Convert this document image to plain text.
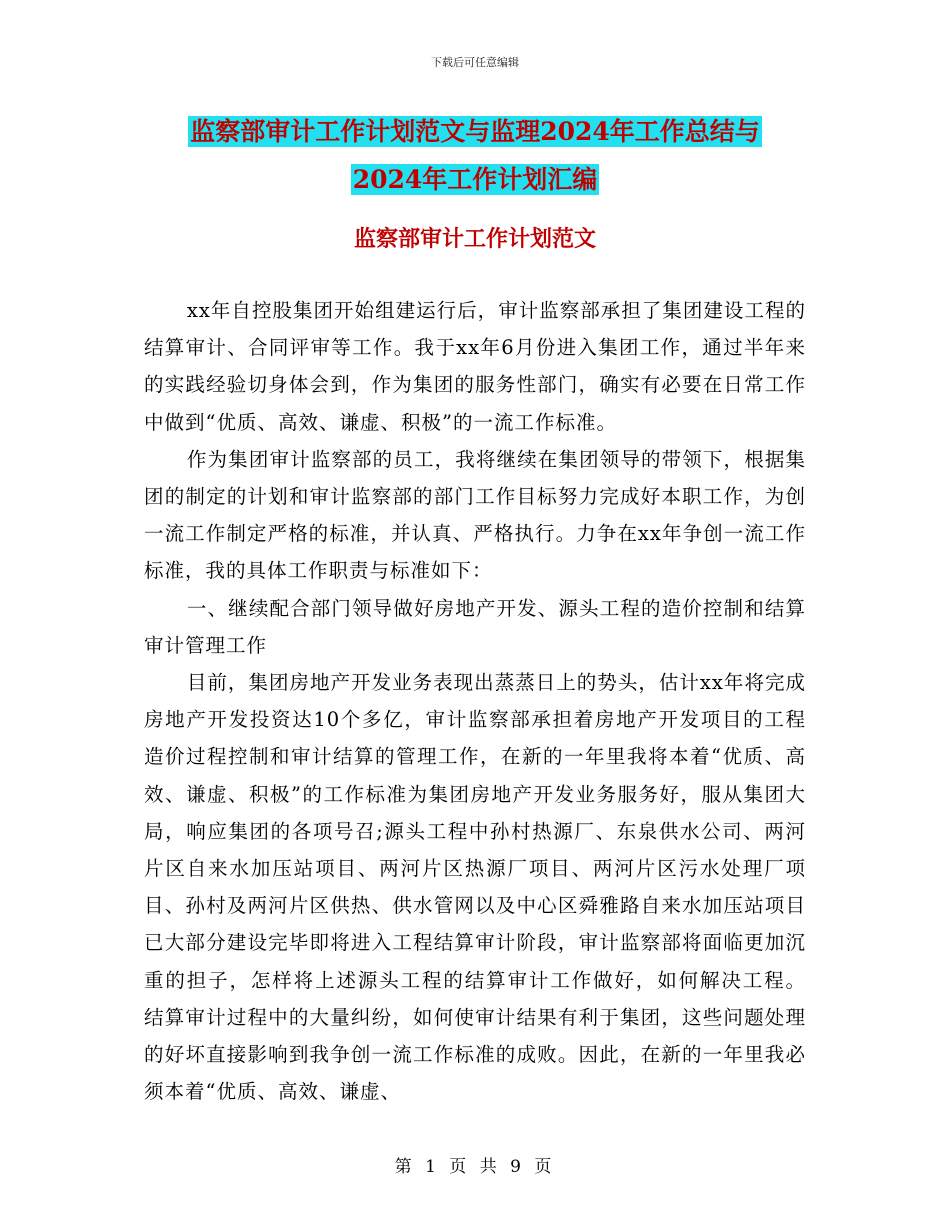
下载后可任意编辑
监察部审计工作计划范文与监理2024年工作总结与
2024年工作计划汇编
监察部审计工作计划范文

xx年自控股集团开始组建运行后，审计监察部承担了集团建设工程的结算审计、合同评审等工作。我于xx年6月份进入集团工作，通过半年来的实践经验切身体会到，作为集团的服务性部门，确实有必要在日常工作中做到“优质、高效、谦虚、积极”的一流工作标准。

作为集团审计监察部的员工，我将继续在集团领导的带领下，根据集团的制定的计划和审计监察部的部门工作目标努力完成好本职工作，为创一流工作制定严格的标准，并认真、严格执行。力争在xx年争创一流工作标准，我的具体工作职责与标准如下：

一、继续配合部门领导做好房地产开发、源头工程的造价控制和结算审计管理工作

目前，集团房地产开发业务表现出蒸蒸日上的势头，估计xx年将完成房地产开发投资达10个多亿，审计监察部承担着房地产开发项目的工程造价过程控制和审计结算的管理工作，在新的一年里我将本着“优质、高效、谦虚、积极”的工作标准为集团房地产开发业务服务好，服从集团大局，响应集团的各项号召;源头工程中孙村热源厂、东泉供水公司、两河片区自来水加压站项目、两河片区热源厂项目、两河片区污水处理厂项目、孙村及两河片区供热、供水管网以及中心区舜雅路自来水加压站项目已大部分建设完毕即将进入工程结算审计阶段，审计监察部将面临更加沉重的担子，怎样将上述源头工程的结算审计工作做好，如何解决工程。 结算审计过程中的大量纠纷，如何使审计结果有利于集团，这些问题处理的好坏直接影响到我争创一流工作标准的成败。因此，在新的一年里我必须本着“优质、高效、谦虚、

第 1 页 共 9 页
